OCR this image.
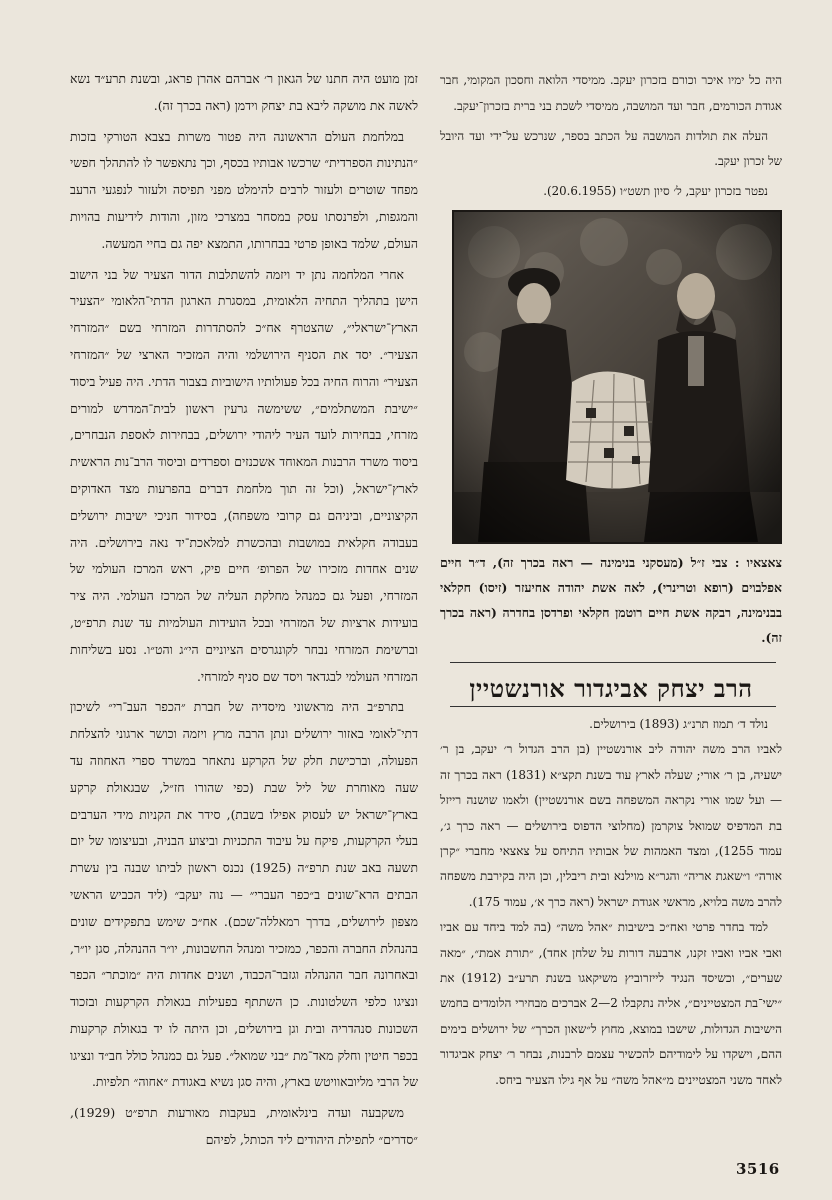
היה כל ימיו איכר וכורם בזכרון יעקב. ממיסדי הלואה וחסכון המקומי, חבר אגודת הכורמים, חבר ועד המושבה, ממיסדי לשכת בני ברית בזכרון־יעקב.

העלה את תולדות המושבה על הכתב בספר, שנרכש על־ידי ועד היובל של זכרון יעקב.

נפטר בזכרון יעקב, ל׳ סיון תשט״ו (20.6.1955).

צאצאיו : צבי ז״ל (מעסקני בנימינה — ראה בכרך זה), ד״ר חיים אפלבוים (רופא וטרינרי), לאה אשת יהודה אחיעזר (זיסו) חקלאי בבנימינה, רבקה אשת חיים רוטמן חקלאי ופרדסן בחדרה (ראה בכרך זה).
הרב יצחק אביגדור אורנשטיין

נולד ד׳ תמוז תרנ״ג (1893) בירושלים.

לאביו הרב משה יהודה ליב אורנשטיין (בן הרב הגדול ר׳ יעקב, בן ר׳ ישעיה, בן ר׳ אורי; שעלה לארץ עוד בשנת תקצ״א (1831) ראה בכרך זה — ועל שמו אורי נקראה המשפחה בשם אורנשטיין) ולאמו שושנה רייזל בת המדפיס שמואל צוקרמן (מחלוצי הדפוס בירושלים — ראה כרך ג׳, עמוד 1255), ומצד האמהות של אבותיו התיחס על צאצאי מחברי ״קרן אורה״ ו״שאגת אריה״ והגר״א מוילנא ובית ריבלין, וכן היה בקירבת משפחה להרב משה בלויא, מראשי אגודת ישראל (ראה כרך א׳, עמוד 175).

למד בחדר פרטי ואח״כ בישיבות ״אהל משה״ (בה למד ביחד עם אביו ואבי אביו ואביו זקנו, ארבעה דורות על שלחן אחד), ״תורת אמת״, ״מאה שערים״, וכשיסד הנגיד לייזרוביץ משיקאגו בשנת תרע״ב (1912) את ״ישי־בת המצטיינים״, אליה נתקבלו 2—2 אברכים מבחירי הלומדים בחמש הישיבות הגדולות, שישבו במוצא, מחוץ ל״שאון הכרך״ של ירושלים בימים ההם, וישקדו על לימודיהם להכשיר עצמם לרבנות, נבחר ר׳ יצחק אביגדור לאחד משני המצטיינים מ״אהל משה״ על אף גילו הצעיר ביחס.

זמן מועט היה חתנו של הגאון ר׳ אברהם אהרן פראג, ובשנת תרע״ד נשא לאשה את מושקה ליבא בת יצחק וידמן (ראה בכרך זה).

במלחמת העולם הראשונה היה פטור משרות בצבא הטורקי בזכות ״הנתינות הספרדית״ שרכשו אבותיו בכסף, וכך נתאפשר לו להתהלך חפשי מפחד שוטרים ולעזור לרבים להימלט מפני תפיסה ולעזור לנפגעי הרעב והמגפות, ולפרנסתו עסק במסחר במצרכי מזון, והודות לידיעות בהויות העולם, שלמד באופן פרטי בבחרותו, התמצא יפה גם בחיי המעשה.

אחרי המלחמה נתן יד ויזמה להשתלבות הדור הצעיר של בני הישוב הישן בתהליך התחיה הלאומית, במסגרת הארגון הדתי־הלאומי ״הצעיר הארץ־ישראלי״, שהצטרף אח״כ להסתדרות המזרחי בשם ״המזרחי הצעיר״. יסד את הסניף הירושלמי והיה המזכיר הארצי של ״המזרחי הצעיר״ והרוח החיה בכל פעולותיו הישוביות בצבור הדתי. היה פעיל ביסוד ״ישיבת המשתלמים״, ששימשה גרעין ראשון לבית־המדרש למורים מזרחי, בבחירות לועד העיר ליהודי ירושלים, בבחירות לאספת הנבחרים, ביסוד משרד הרבנות המאוחד אשכנזים וספרדים וביסוד הרב־נות הראשית לארץ־ישראל, (וכל זה תוך מלחמת דברים בהפרעות מצד האדוקים הקיצוניים, וביניהם גם קרובי משפחה), בסידור חניכי ישיבות ירושלים בעבודה חקלאית במושבות ובהכשרת למלאכת־יד נאה בירושלים. היה שנים אחדות מזכירו של הפרופ׳ חיים פיק, ראש המרכז העולמי של המזרחי, ופעל גם כמנהל מחלקת העליה של המרכז העולמי. היה ציר בועידות ארציות של המזרחי ובכל הועידות העולמיות עד שנת תרפ״ט, וברשימת המזרחי נבחר לקונגרסים הציוניים הי״ג והט״ו. נסע בשליחות המזרחי העולמי לבגדאד ויסד שם סניף למזרחי.

בתרפ״ב היה מראשוני מיסדיה של חברת ״הכפר העב־רי״ לשיכון דתי־לאומי באזור ירושלים ונתן הרבה מרץ ויזמה וכושר ארגוני להצלחת הפעולה, וברכישת חלק של הקרקע נתאחר במשרד ספרי האחוזה עד שעה מאוחרת של ליל שבת (כפי שהורו חז״ל, שבגאולת קרקע בארץ־ישראל יש לעסוק אפילו בשבת), סידר את הקניות מידי הערבים בעלי הקרקעות, פיקח על עיבוד התכניות וביצוע הבניה, ובעיצומו של יום תשעה באב שנת תרפ״ה (1925) נכנס ראשון לביתו שבנה בין עשרת הבתים הרא־שונים ב״כפר העברי״ — נוה יעקב״ (ליד הכביש הראשי מצפון לירושלים, בדרך רמאללה־שכם). אח״כ שימש בתפקידים שונים בהנהלת החברה והכפר, כמזכיר ומנהל החשבונות, יו״ר ההנהלה, סגן יו״ר, ובאחרונה חבר ההנהלה וגזבר־הכבוד, ושנים אחדות היה ״מוכתר״ הכפר ונציגו כלפי השלטונות. כן השתתף בפעילות בגאולת הקרקעות ובזכוד השכונות סנהדריה ובית וגן בירושלים, וכן היתה לו יד בגאולת קרקעות בכפר חיטין וחלק מאד־מת ״בני שמואל״. פעל גם כמנהל כולל חב״ד ונציגו של הרבי מליובאוויטש בארץ, והיה סגן נשיא באגודת ״אחוה״ תלפיות.

משקבעה ועדה בינלאומית, בעקבות מאורעות תרפ״ט (1929), ״סדרים״ לתפילת היהודים ליד הכותל, לפיהם

3516
